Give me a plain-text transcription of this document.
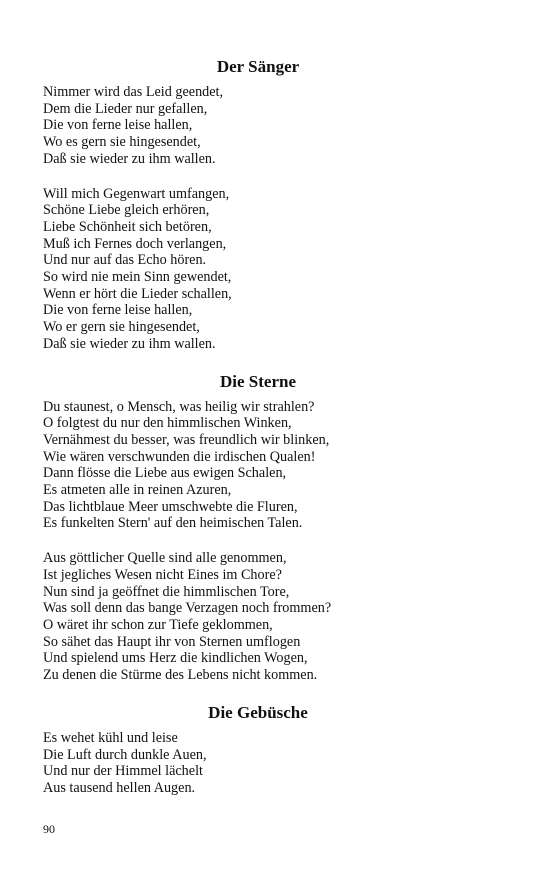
Der Sänger
Nimmer wird das Leid geendet,
Dem die Lieder nur gefallen,
Die von ferne leise hallen,
Wo es gern sie hingesendet,
Daß sie wieder zu ihm wallen.
Will mich Gegenwart umfangen,
Schöne Liebe gleich erhören,
Liebe Schönheit sich betören,
Muß ich Fernes doch verlangen,
Und nur auf das Echo hören.
So wird nie mein Sinn gewendet,
Wenn er hört die Lieder schallen,
Die von ferne leise hallen,
Wo er gern sie hingesendet,
Daß sie wieder zu ihm wallen.
Die Sterne
Du staunest, o Mensch, was heilig wir strahlen?
O folgtest du nur den himmlischen Winken,
Vernähmest du besser, was freundlich wir blinken,
Wie wären verschwunden die irdischen Qualen!
Dann flösse die Liebe aus ewigen Schalen,
Es atmeten alle in reinen Azuren,
Das lichtblaue Meer umschwebte die Fluren,
Es funkelten Stern' auf den heimischen Talen.
Aus göttlicher Quelle sind alle genommen,
Ist jegliches Wesen nicht Eines im Chore?
Nun sind ja geöffnet die himmlischen Tore,
Was soll denn das bange Verzagen noch frommen?
O wäret ihr schon zur Tiefe geklommen,
So sähet das Haupt ihr von Sternen umflogen
Und spielend ums Herz die kindlichen Wogen,
Zu denen die Stürme des Lebens nicht kommen.
Die Gebüsche
Es wehet kühl und leise
Die Luft durch dunkle Auen,
Und nur der Himmel lächelt
Aus tausend hellen Augen.
90
